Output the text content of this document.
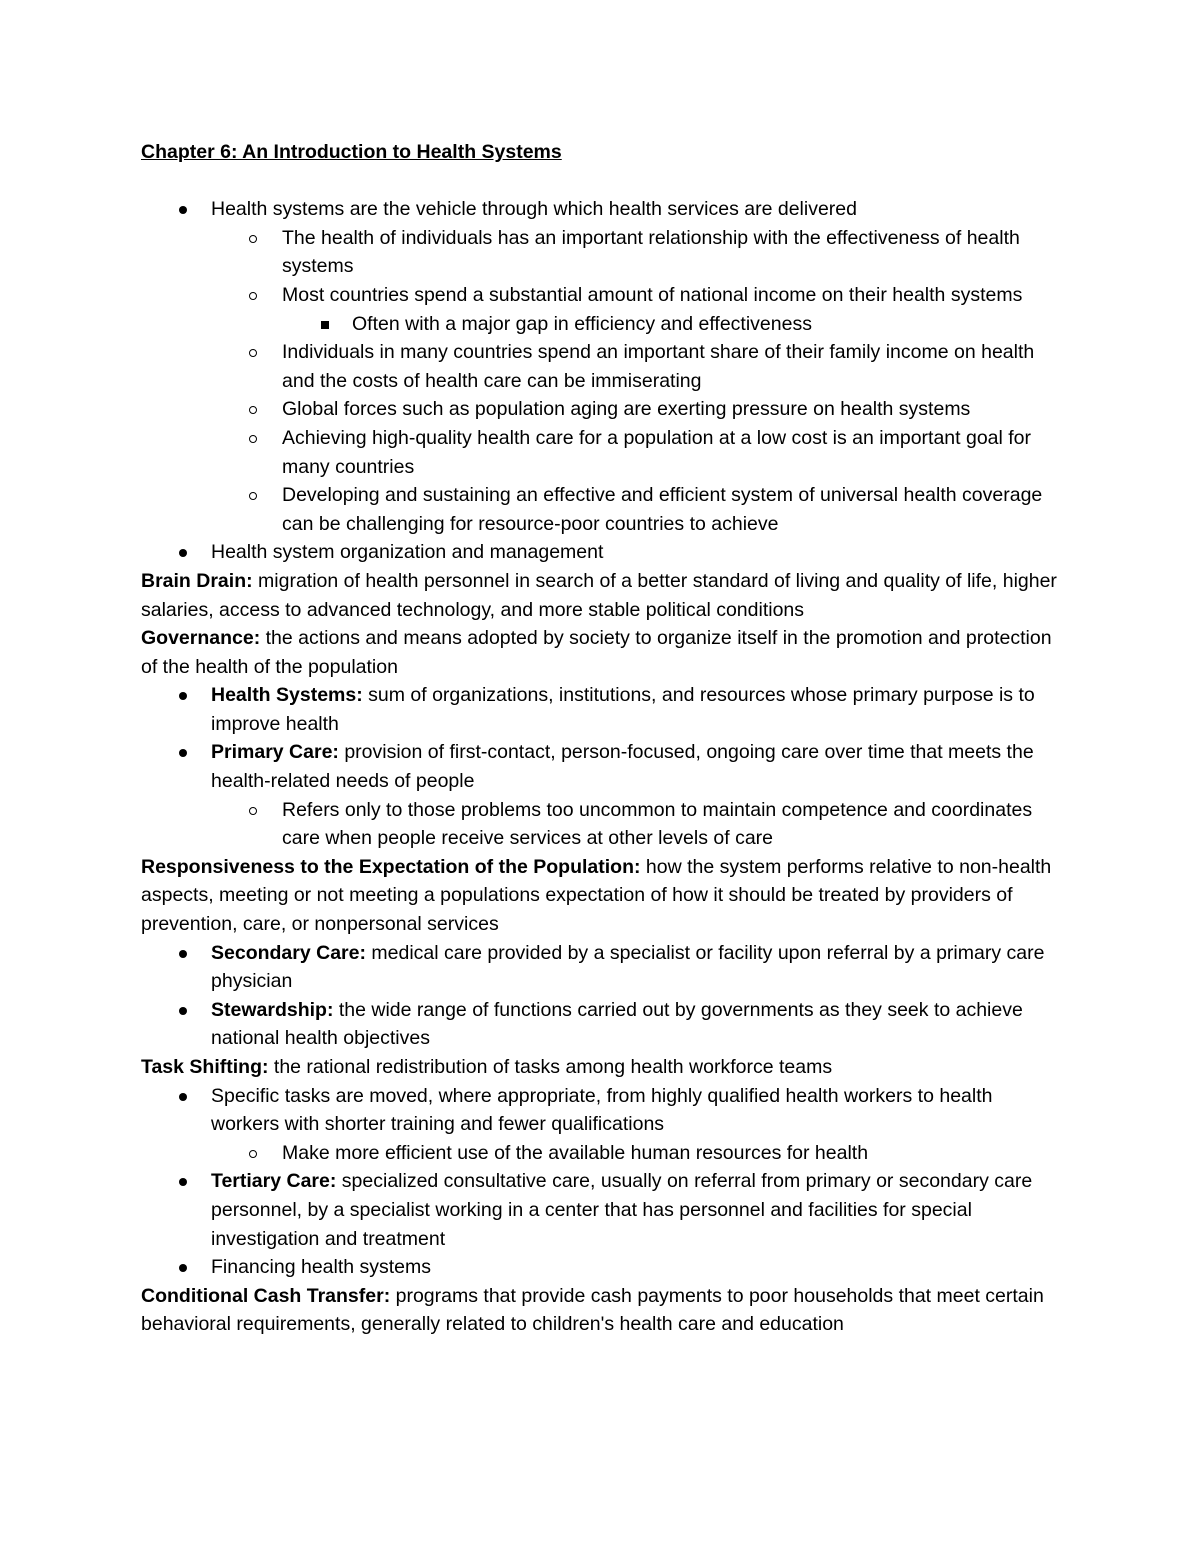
Chapter 6: An Introduction to Health Systems

Health systems are the vehicle through which health services are delivered
The health of individuals has an important relationship with the effectiveness of health systems
Most countries spend a substantial amount of national income on their health systems
Often with a major gap in efficiency and effectiveness
Individuals in many countries spend an important share of their family income on health and the costs of health care can be immiserating
Global forces such as population aging are exerting pressure on health systems
Achieving high-quality health care for a population at a low cost is an important goal for many countries
Developing and sustaining an effective and efficient system of universal health coverage can be challenging for resource-poor countries to achieve
Health system organization and management

Brain Drain: migration of health personnel in search of a better standard of living and quality of life, higher salaries, access to advanced technology, and more stable political conditions

Governance: the actions and means adopted by society to organize itself in the promotion and protection of the health of the population

Health Systems: sum of organizations, institutions, and resources whose primary purpose is to improve health
Primary Care: provision of first-contact, person-focused, ongoing care over time that meets the health-related needs of people
Refers only to those problems too uncommon to maintain competence and coordinates care when people receive services at other levels of care

Responsiveness to the Expectation of the Population: how the system performs relative to non-health aspects, meeting or not meeting a populations expectation of how it should be treated by providers of prevention, care, or nonpersonal services

Secondary Care: medical care provided by a specialist or facility upon referral by a primary care physician
Stewardship: the wide range of functions carried out by governments as they seek to achieve national health objectives

Task Shifting: the rational redistribution of tasks among health workforce teams

Specific tasks are moved, where appropriate, from highly qualified health workers to health workers with shorter training and fewer qualifications
Make more efficient use of the available human resources for health
Tertiary Care: specialized consultative care, usually on referral from primary or secondary care personnel, by a specialist working in a center that has personnel and facilities for special investigation and treatment
Financing health systems

Conditional Cash Transfer: programs that provide cash payments to poor households that meet certain behavioral requirements, generally related to children's health care and education
